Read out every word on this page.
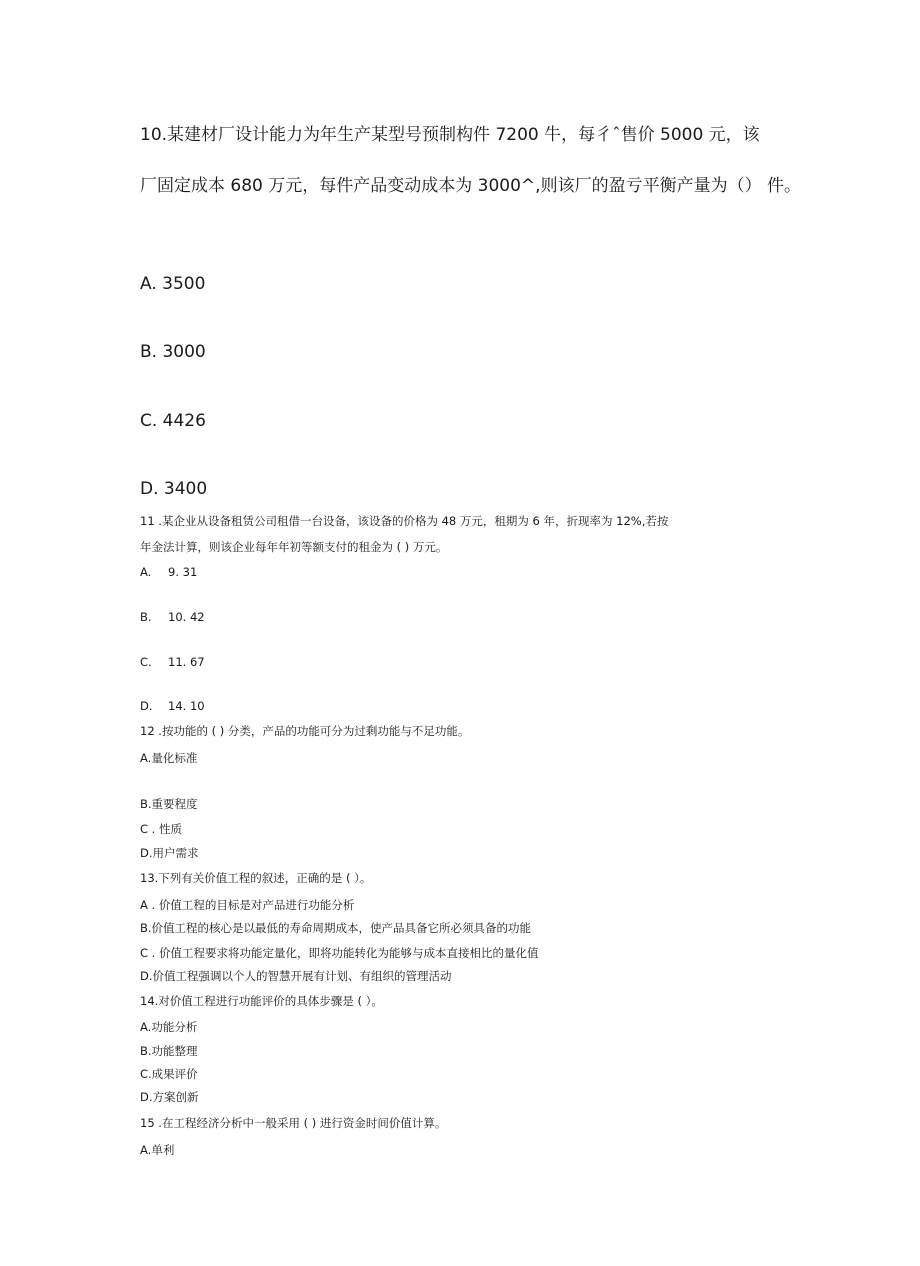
10.某建材厂设计能力为年生产某型号预制构件 7200 牛，每彳ˆ售价 5000 元，该

厂固定成本 680 万元，每件产品变动成本为 3000^,则该厂的盈亏平衡产量为（） 件。

A. 3500

B. 3000

C. 4426

D. 3400

11 .某企业从设备租赁公司租借一台设备，该设备的价格为 48 万元，租期为 6 年，折现率为 12%,若按

年金法计算，则该企业每年年初等额支付的租金为 ( ) 万元。

A. 9. 31

B. 10. 42

C. 11. 67

D. 14. 10

12 .按功能的 ( ) 分类，产品的功能可分为过剩功能与不足功能。

A.量化标准

B.重要程度

C . 性质

D.用户需求

13.下列有关价值工程的叙述，正确的是 ( ）。

A . 价值工程的目标是对产品进行功能分析

B.价值工程的核心是以最低的寿命周期成本，使产品具备它所必须具备的功能

C . 价值工程要求将功能定量化，即将功能转化为能够与成本直接相比的量化值

D.价值工程强调以个人的智慧开展有计划、有组织的管理活动

14.对价值工程进行功能评价的具体步骤是 ( ）。

A.功能分析

B.功能整理

C.成果评价

D.方案创新

15 .在工程经济分析中一般采用 ( ) 进行资金时间价值计算。

A.单利
